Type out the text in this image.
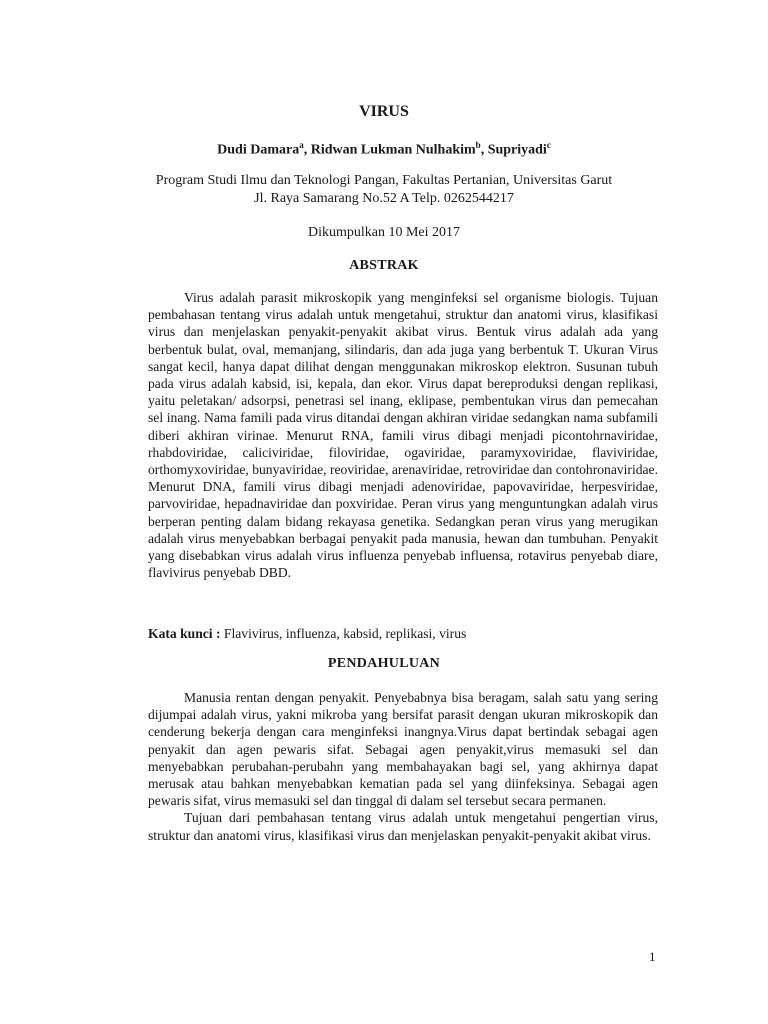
VIRUS
Dudi Damara$^a$, Ridwan Lukman Nulhakim$^b$, Supriyadi$^c$
Program Studi Ilmu dan Teknologi Pangan, Fakultas Pertanian, Universitas Garut
Jl. Raya Samarang No.52 A Telp. 0262544217
Dikumpulkan 10 Mei 2017
ABSTRAK

Virus adalah parasit mikroskopik yang menginfeksi sel organisme biologis. Tujuan pembahasan tentang virus adalah untuk mengetahui, struktur dan anatomi virus, klasifikasi virus dan menjelaskan penyakit-penyakit akibat virus. Bentuk virus adalah ada yang berbentuk bulat, oval, memanjang, silindaris, dan ada juga yang berbentuk T. Ukuran Virus sangat kecil, hanya dapat dilihat dengan menggunakan mikroskop elektron. Susunan tubuh pada virus adalah kabsid, isi, kepala, dan ekor. Virus dapat bereproduksi dengan replikasi, yaitu peletakan/ adsorpsi, penetrasi sel inang, eklipase, pembentukan virus dan pemecahan sel inang. Nama famili pada virus ditandai dengan akhiran viridae sedangkan nama subfamili diberi akhiran virinae. Menurut RNA, famili virus dibagi menjadi picontohrnaviridae, rhabdoviridae, caliciviridae, filoviridae, ogaviridae, paramyxoviridae, flaviviridae, orthomyxoviridae, bunyaviridae, reoviridae, arenaviridae, retroviridae dan contohronaviridae. Menurut DNA, famili virus dibagi menjadi adenoviridae, papovaviridae, herpesviridae, parvoviridae, hepadnaviridae dan poxviridae. Peran virus yang menguntungkan adalah virus berperan penting dalam bidang rekayasa genetika. Sedangkan peran virus yang merugikan adalah virus menyebabkan berbagai penyakit pada manusia, hewan dan tumbuhan. Penyakit yang disebabkan virus adalah virus influenza penyebab influensa, rotavirus penyebab diare, flavivirus penyebab DBD.

Kata kunci : Flavivirus, influenza, kabsid, replikasi, virus
PENDAHULUAN

Manusia rentan dengan penyakit. Penyebabnya bisa beragam, salah satu yang sering dijumpai adalah virus, yakni mikroba yang bersifat parasit dengan ukuran mikroskopik dan cenderung bekerja dengan cara menginfeksi inangnya.Virus dapat bertindak sebagai agen penyakit dan agen pewaris sifat. Sebagai agen penyakit,virus memasuki sel dan menyebabkan perubahan-perubahn yang membahayakan bagi sel, yang akhirnya dapat merusak atau bahkan menyebabkan kematian pada sel yang diinfeksinya. Sebagai agen pewaris sifat, virus memasuki sel dan tinggal di dalam sel tersebut secara permanen.

Tujuan dari pembahasan tentang virus adalah untuk mengetahui pengertian virus, struktur dan anatomi virus, klasifikasi virus dan menjelaskan penyakit-penyakit akibat virus.

1
